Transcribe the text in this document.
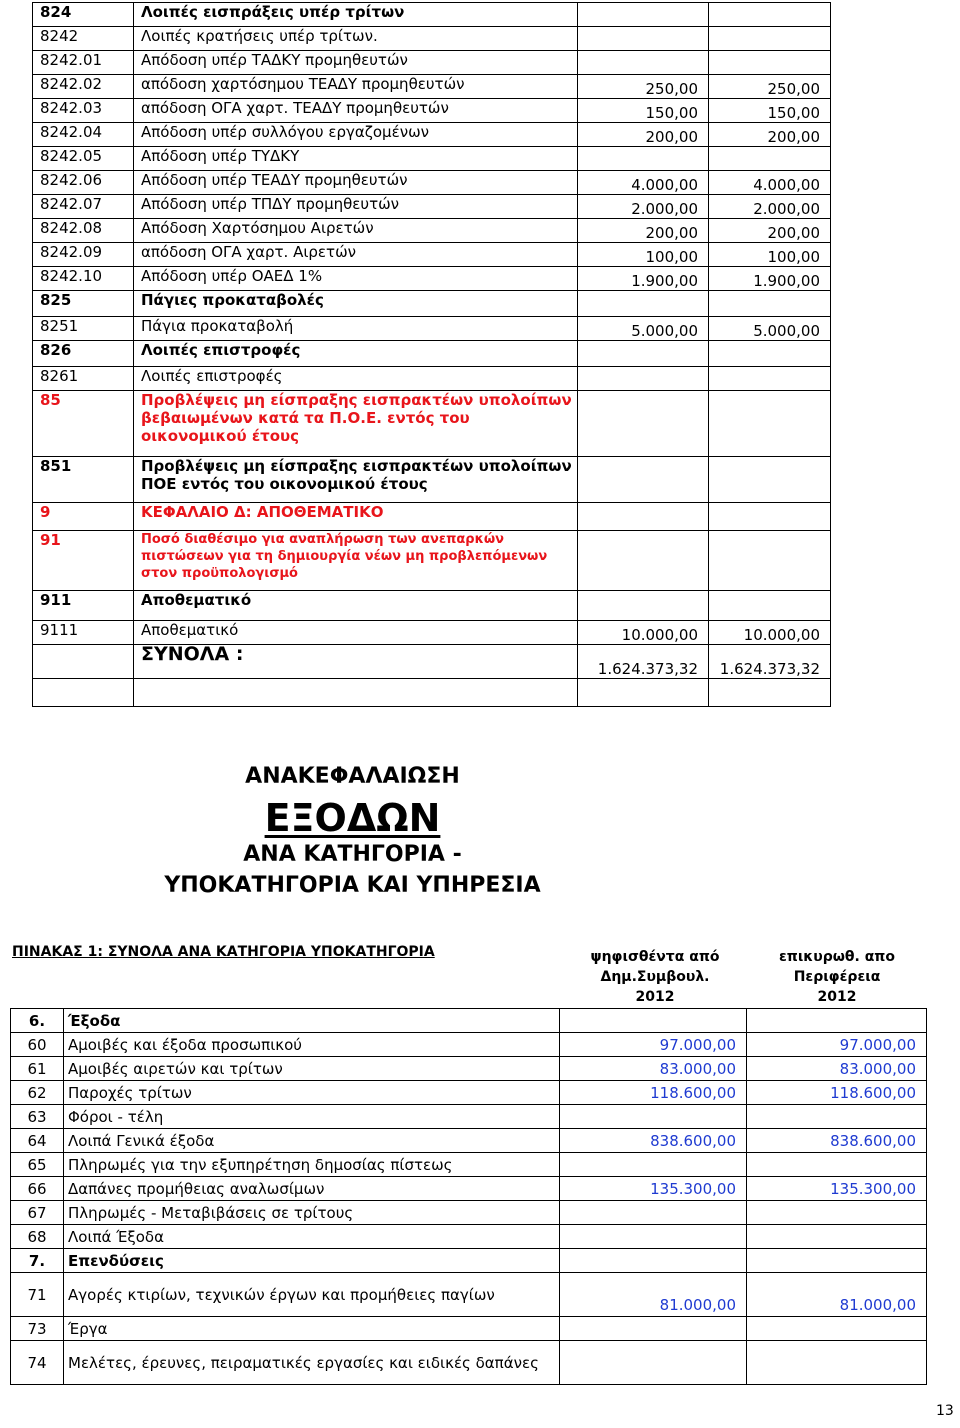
824	Λοιπές εισπράξεις υπέρ τρίτων		
8242	Λοιπές κρατήσεις υπέρ τρίτων.		
8242.01	Απόδοση υπέρ ΤΑΔΚΥ προμηθευτών		
8242.02	απόδοση χαρτόσημου ΤΕΑΔΥ προμηθευτών	250,00	250,00
8242.03	απόδοση ΟΓΑ χαρτ. ΤΕΑΔΥ προμηθευτών	150,00	150,00
8242.04	Απόδοση υπέρ συλλόγου εργαζομένων	200,00	200,00
8242.05	Απόδοση υπέρ ΤΥΔΚΥ		
8242.06	Απόδοση υπέρ ΤΕΑΔΥ προμηθευτών	4.000,00	4.000,00
8242.07	Απόδοση υπέρ ΤΠΔΥ προμηθευτών	2.000,00	2.000,00
8242.08	Απόδοση Χαρτόσημου Αιρετών	200,00	200,00
8242.09	απόδοση ΟΓΑ χαρτ. Αιρετών	100,00	100,00
8242.10	Απόδοση υπέρ ΟΑΕΔ 1%	1.900,00	1.900,00
825	Πάγιες προκαταβολές		
8251	Πάγια προκαταβολή	5.000,00	5.000,00
826	Λοιπές επιστροφές		
8261	Λοιπές επιστροφές		
85	Προβλέψεις μη είσπραξης εισπρακτέων υπολοίπων βεβαιωμένων κατά τα Π.Ο.Ε. εντός του οικονομικού έτους		
851	Προβλέψεις μη είσπραξης εισπρακτέων υπολοίπων ΠΟΕ εντός του οικονομικού έτους		
9	ΚΕΦΑΛΑΙΟ Δ: ΑΠΟΘΕΜΑΤΙΚΟ		
91	Ποσό διαθέσιμο για αναπλήρωση των ανεπαρκών πιστώσεων για τη δημιουργία νέων μη προβλεπόμενων στον προϋπολογισμό		
911	Αποθεματικό		
9111	Αποθεματικό	10.000,00	10.000,00
	ΣΥΝΟΛΑ :	1.624.373,32	1.624.373,32

ΑΝΑΚΕΦΑΛΑΙΩΣΗ
ΕΞΟΔΩΝ
ΑΝΑ ΚΑΤΗΓΟΡΙΑ -
ΥΠΟΚΑΤΗΓΟΡΙΑ ΚΑΙ ΥΠΗΡΕΣΙΑ
ΠΙΝΑΚΑΣ 1: ΣΥΝΟΛΑ ΑΝΑ ΚΑΤΗΓΟΡΙΑ ΥΠΟΚΑΤΗΓΟΡΙΑ	ψηφισθέντα από
Δημ.Συμβουλ.
2012
επικυρωθ. απο
Περιφέρεια
2012
6.	Έξοδα		
60	Αμοιβές και έξοδα προσωπικού	97.000,00	97.000,00
61	Αμοιβές αιρετών και τρίτων	83.000,00	83.000,00
62	Παροχές τρίτων	118.600,00	118.600,00
63	Φόροι - τέλη		
64	Λοιπά Γενικά έξοδα	838.600,00	838.600,00
65	Πληρωμές για την εξυπηρέτηση δημοσίας πίστεως		
66	Δαπάνες προμήθειας αναλωσίμων	135.300,00	135.300,00
67	Πληρωμές - Μεταβιβάσεις σε τρίτους		
68	Λοιπά Έξοδα		
7.	Επενδύσεις		
71	Αγορές κτιρίων, τεχνικών έργων και προμήθειες παγίων	81.000,00	81.000,00
73	Έργα		
74	Μελέτες, έρευνες, πειραματικές εργασίες και ειδικές δαπάνες		
13
